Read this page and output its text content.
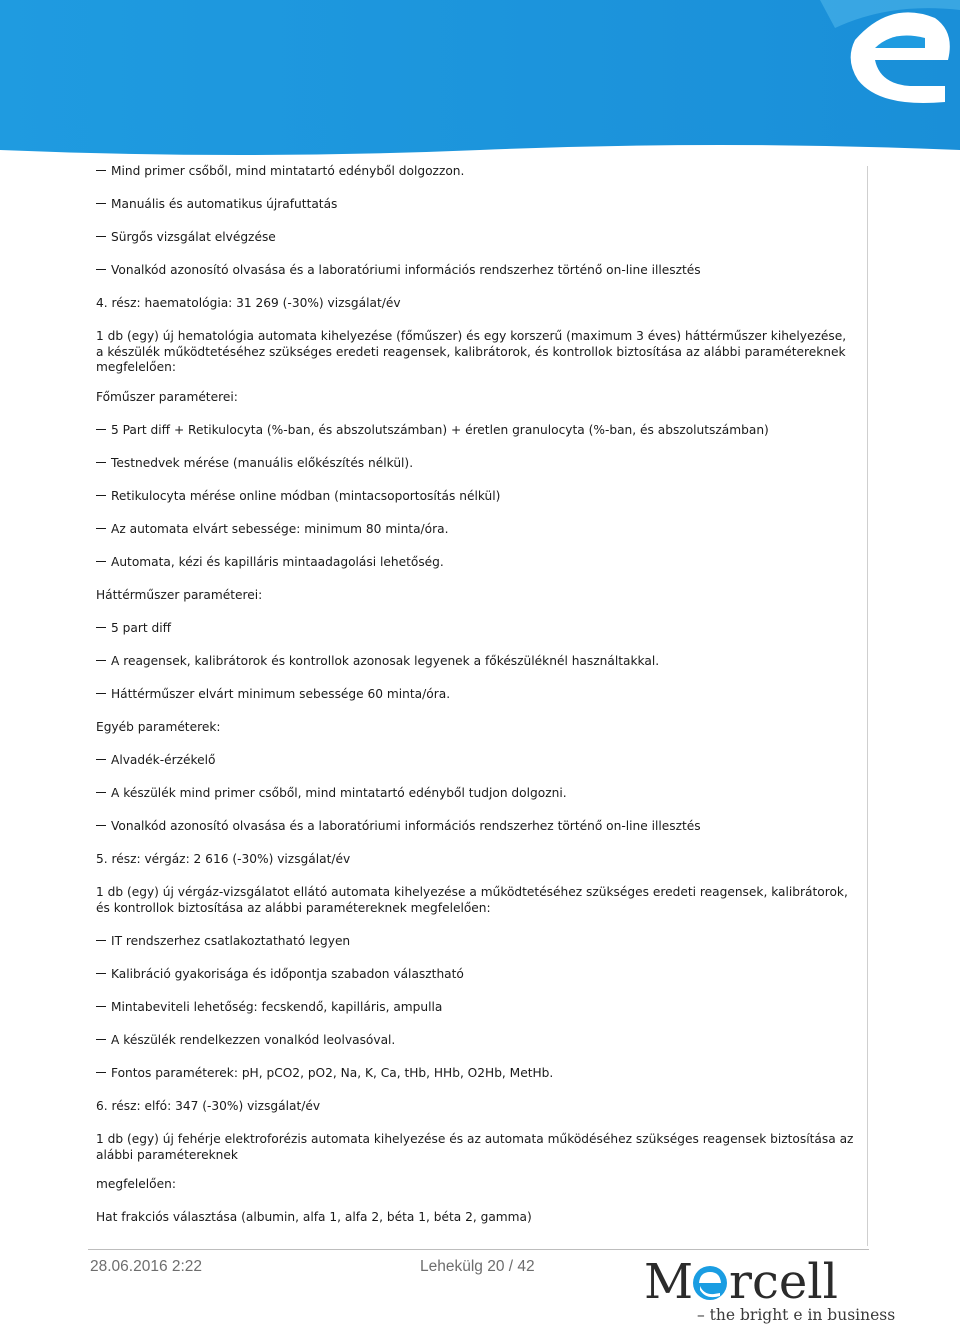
Mind primer csőből, mind mintatartó edényből dolgozzon.
Manuális és automatikus újrafuttatás
Sürgős vizsgálat elvégzése
Vonalkód azonosító olvasása és a laboratóriumi információs rendszerhez történő on-line illesztés
4. rész: haematológia: 31 269 (-30%) vizsgálat/év
1 db (egy) új hematológia automata kihelyezése (főműszer) és egy korszerű (maximum 3 éves) háttérműszer kihelyezése, a készülék működtetéséhez szükséges eredeti reagensek, kalibrátorok, és kontrollok biztosítása az alábbi paramétereknek megfelelően:
Főműszer paraméterei:
5 Part diff + Retikulocyta (%-ban, és abszolutszámban) + éretlen granulocyta (%-ban, és abszolutszámban)
Testnedvek mérése (manuális előkészítés nélkül).
Retikulocyta mérése online módban (mintacsoportosítás nélkül)
Az automata elvárt sebessége: minimum 80 minta/óra.
Automata, kézi és kapilláris mintaadagolási lehetőség.
Háttérműszer paraméterei:
5 part diff
A reagensek, kalibrátorok és kontrollok azonosak legyenek a főkészüléknél használtakkal.
Háttérműszer elvárt minimum sebessége 60 minta/óra.
Egyéb paraméterek:
Alvadék-érzékelő
A készülék mind primer csőből, mind mintatartó edényből tudjon dolgozni.
Vonalkód azonosító olvasása és a laboratóriumi információs rendszerhez történő on-line illesztés
5. rész: vérgáz: 2 616 (-30%) vizsgálat/év
1 db (egy) új vérgáz-vizsgálatot ellátó automata kihelyezése a működtetéséhez szükséges eredeti reagensek, kalibrátorok, és kontrollok biztosítása az alábbi paramétereknek megfelelően:
IT rendszerhez csatlakoztatható legyen
Kalibráció gyakorisága és időpontja szabadon választható
Mintabeviteli lehetőség: fecskendő, kapilláris, ampulla
A készülék rendelkezzen vonalkód leolvasóval.
Fontos paraméterek: pH, pCO2, pO2, Na, K, Ca, tHb, HHb, O2Hb, MetHb.
6. rész: elfó: 347 (-30%) vizsgálat/év
1 db (egy) új fehérje elektroforézis automata kihelyezése és az automata működéséhez szükséges reagensek biztosítása az alábbi paramétereknek
megfelelően:
Hat frakciós választása (albumin, alfa 1, alfa 2, béta 1, béta 2, gamma)
28.06.2016 2:22	Lehekülg 20 / 42 M rcell
– the bright e in business
